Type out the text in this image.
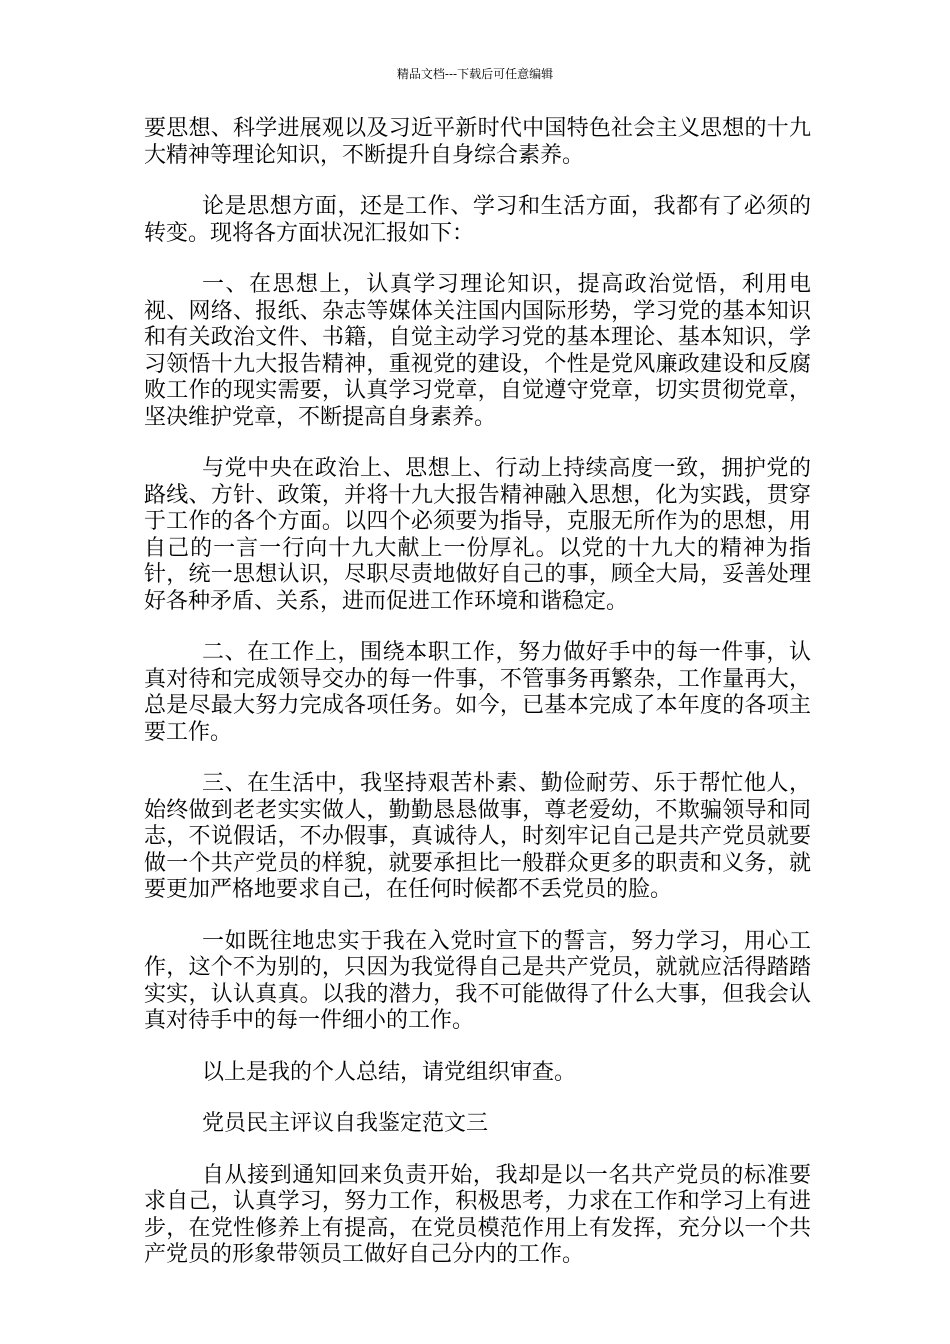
精品文档---下载后可任意编辑

要思想、科学进展观以及习近平新时代中国特色社会主义思想的十九大精神等理论知识，不断提升自身综合素养。

论是思想方面，还是工作、学习和生活方面，我都有了必须的转变。现将各方面状况汇报如下：

一、在思想上，认真学习理论知识，提高政治觉悟，利用电视、网络、报纸、杂志等媒体关注国内国际形势，学习党的基本知识和有关政治文件、书籍，自觉主动学习党的基本理论、基本知识，学习领悟十九大报告精神，重视党的建设，个性是党风廉政建设和反腐败工作的现实需要，认真学习党章，自觉遵守党章，切实贯彻党章，坚决维护党章，不断提高自身素养。

与党中央在政治上、思想上、行动上持续高度一致，拥护党的路线、方针、政策，并将十九大报告精神融入思想，化为实践，贯穿于工作的各个方面。以四个必须要为指导，克服无所作为的思想，用自己的一言一行向十九大献上一份厚礼。以党的十九大的精神为指针，统一思想认识，尽职尽责地做好自己的事，顾全大局，妥善处理好各种矛盾、关系，进而促进工作环境和谐稳定。

二、在工作上，围绕本职工作，努力做好手中的每一件事，认真对待和完成领导交办的每一件事，不管事务再繁杂，工作量再大，总是尽最大努力完成各项任务。如今，已基本完成了本年度的各项主要工作。

三、在生活中，我坚持艰苦朴素、勤俭耐劳、乐于帮忙他人，始终做到老老实实做人，勤勤恳恳做事，尊老爱幼，不欺骗领导和同志，不说假话，不办假事，真诚待人，时刻牢记自己是共产党员就要做一个共产党员的样貌，就要承担比一般群众更多的职责和义务，就要更加严格地要求自己，在任何时候都不丢党员的脸。

一如既往地忠实于我在入党时宣下的誓言，努力学习，用心工作，这个不为别的，只因为我觉得自己是共产党员，就就应活得踏踏实实，认认真真。以我的潜力，我不可能做得了什么大事，但我会认真对待手中的每一件细小的工作。

以上是我的个人总结，请党组织审查。

党员民主评议自我鉴定范文三

自从接到通知回来负责开始，我却是以一名共产党员的标准要求自己，认真学习，努力工作，积极思考，力求在工作和学习上有进步，在党性修养上有提高，在党员模范作用上有发挥，充分以一个共产党员的形象带领员工做好自己分内的工作。
